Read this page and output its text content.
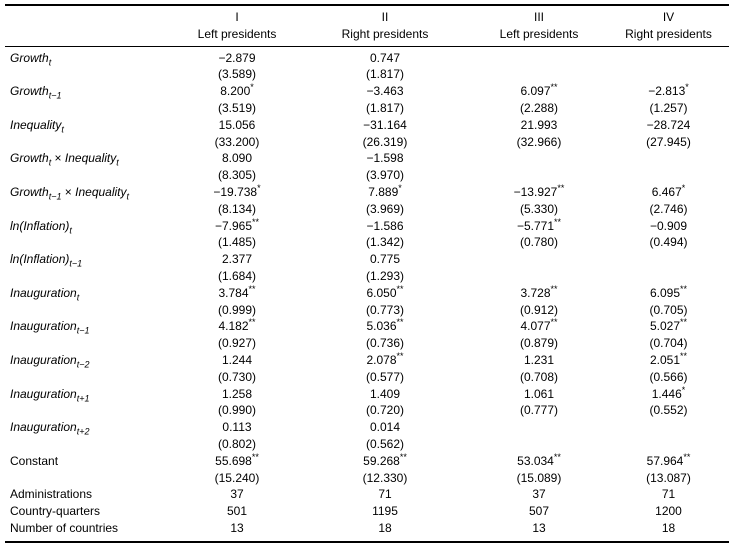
	I	II	III	IV
	Left presidents	Right presidents	Left presidents	Right presidents
Growth$_t$	−2.879	0.747		
	(3.589)	(1.817)		
Growth$_{t-1}$	8.200*	−3.463	6.097**	−2.813*
	(3.519)	(1.817)	(2.288)	(1.257)
Inequality$_t$	15.056	−31.164	21.993	−28.724
	(33.200)	(26.319)	(32.966)	(27.945)
Growth$_t$ × Inequality$_t$	8.090	−1.598		
	(8.305)	(3.970)		
Growth$_{t-1}$ × Inequality$_t$	−19.738*	7.889*	−13.927**	6.467*
	(8.134)	(3.969)	(5.330)	(2.746)
$\ln(Inflation)_t$	−7.965**	−1.586	−5.771**	−0.909
	(1.485)	(1.342)	(0.780)	(0.494)
$\ln(Inflation)_{t-1}$	2.377	0.775		
	(1.684)	(1.293)		
Inauguration$_t$	3.784**	6.050**	3.728**	6.095**
	(0.999)	(0.773)	(0.912)	(0.705)
Inauguration$_{t-1}$	4.182**	5.036**	4.077**	5.027**
	(0.927)	(0.736)	(0.879)	(0.704)
Inauguration$_{t-2}$	1.244	2.078**	1.231	2.051**
	(0.730)	(0.577)	(0.708)	(0.566)
Inauguration$_{t+1}$	1.258	1.409	1.061	1.446*
	(0.990)	(0.720)	(0.777)	(0.552)
Inauguration$_{t+2}$	0.113	0.014		
	(0.802)	(0.562)		
Constant	55.698**	59.268**	53.034**	57.964**
	(15.240)	(12.330)	(15.089)	(13.087)
Administrations	37	71	37	71
Country-quarters	501	1195	507	1200
Number of countries	13	18	13	18
